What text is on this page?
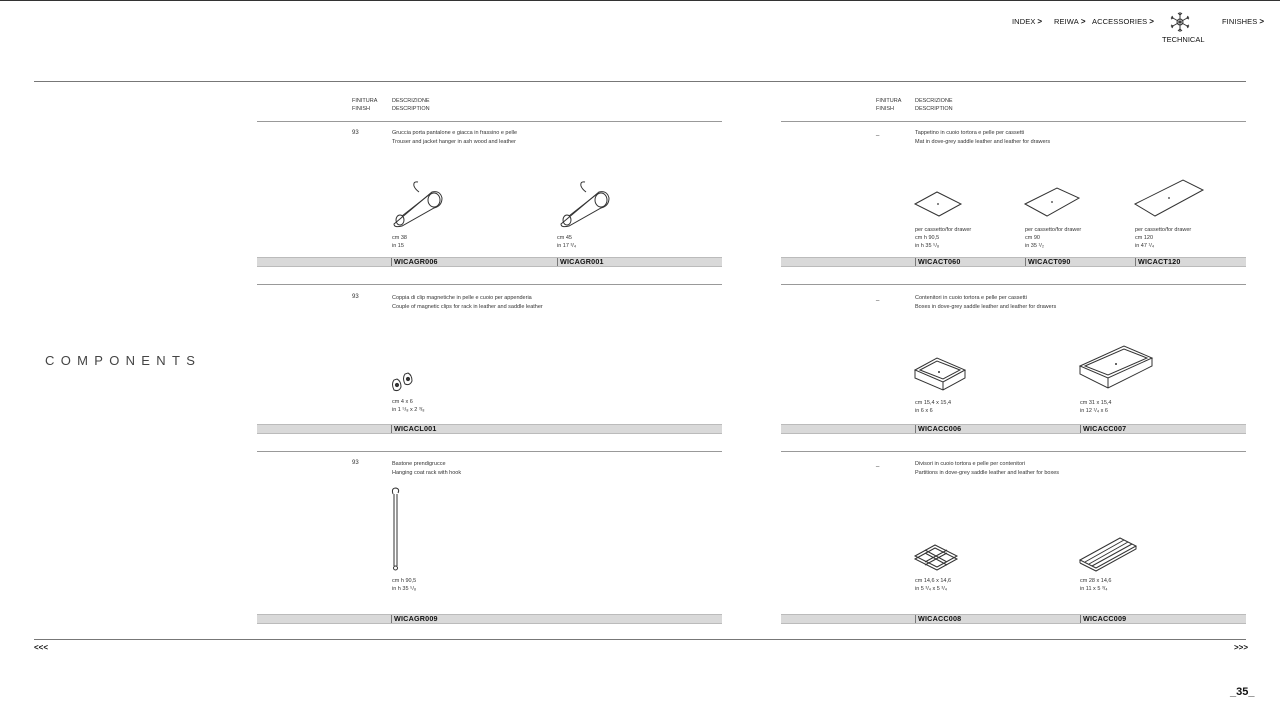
INDEX > REIWA > ACCESSORIES >
TECHNICAL
FINISHES >
COMPONENTS
FINITURA
FINISH
DESCRIZIONE
DESCRIPTION
FINITURA
FINISH
DESCRIZIONE
DESCRIPTION
93	Gruccia porta pantalone e giacca in frassino e pelle
Trouser and jacket hanger in ash wood and leather
cm 38
in 15
cm 45
in 17 ³/₄
WICAGR006	WICAGR001
93	Coppia di clip magnetiche in pelle e cuoio per appenderia
Couple of magnetic clips for rack in leather and saddle leather
cm 4 x 6
in 1 ⁵/₈ x 2 ³/₈
WICACL001
93	Bastone prendigrucce
Hanging coat rack with hook
cm h 90,5
in h 35 ⁵/₈
WICAGR009
_	Tappetino in cuoio tortora e pelle per cassetti
Mat in dove-grey saddle leather and leather for drawers
per cassetto/for drawer
cm h 90,5
in h 35 ⁵/₈
per cassetto/for drawer
cm 90
in 35 ¹/₂
per cassetto/for drawer
cm 120
in 47 ¹/₄
WICACT060	WICACT090	WICACT120
_	Contenitori in cuoio tortora e pelle per cassetti
Boxes in dove-grey saddle leather and leather for drawers
cm 15,4 x 15,4
in 6 x 6
cm 31 x 15,4
in 12 ¹/₄ x 6
WICACC006	WICACC007
_	Divisori in cuoio tortora e pelle per contenitori
Partitions in dove-grey saddle leather and leather for boxes
cm 14,6 x 14,6
in 5 ³/₄ x 5 ³/₄
cm 28 x 14,6
in 11 x 5 ³/₄
WICACC008	WICACC009
<<<	>>>
_35_
